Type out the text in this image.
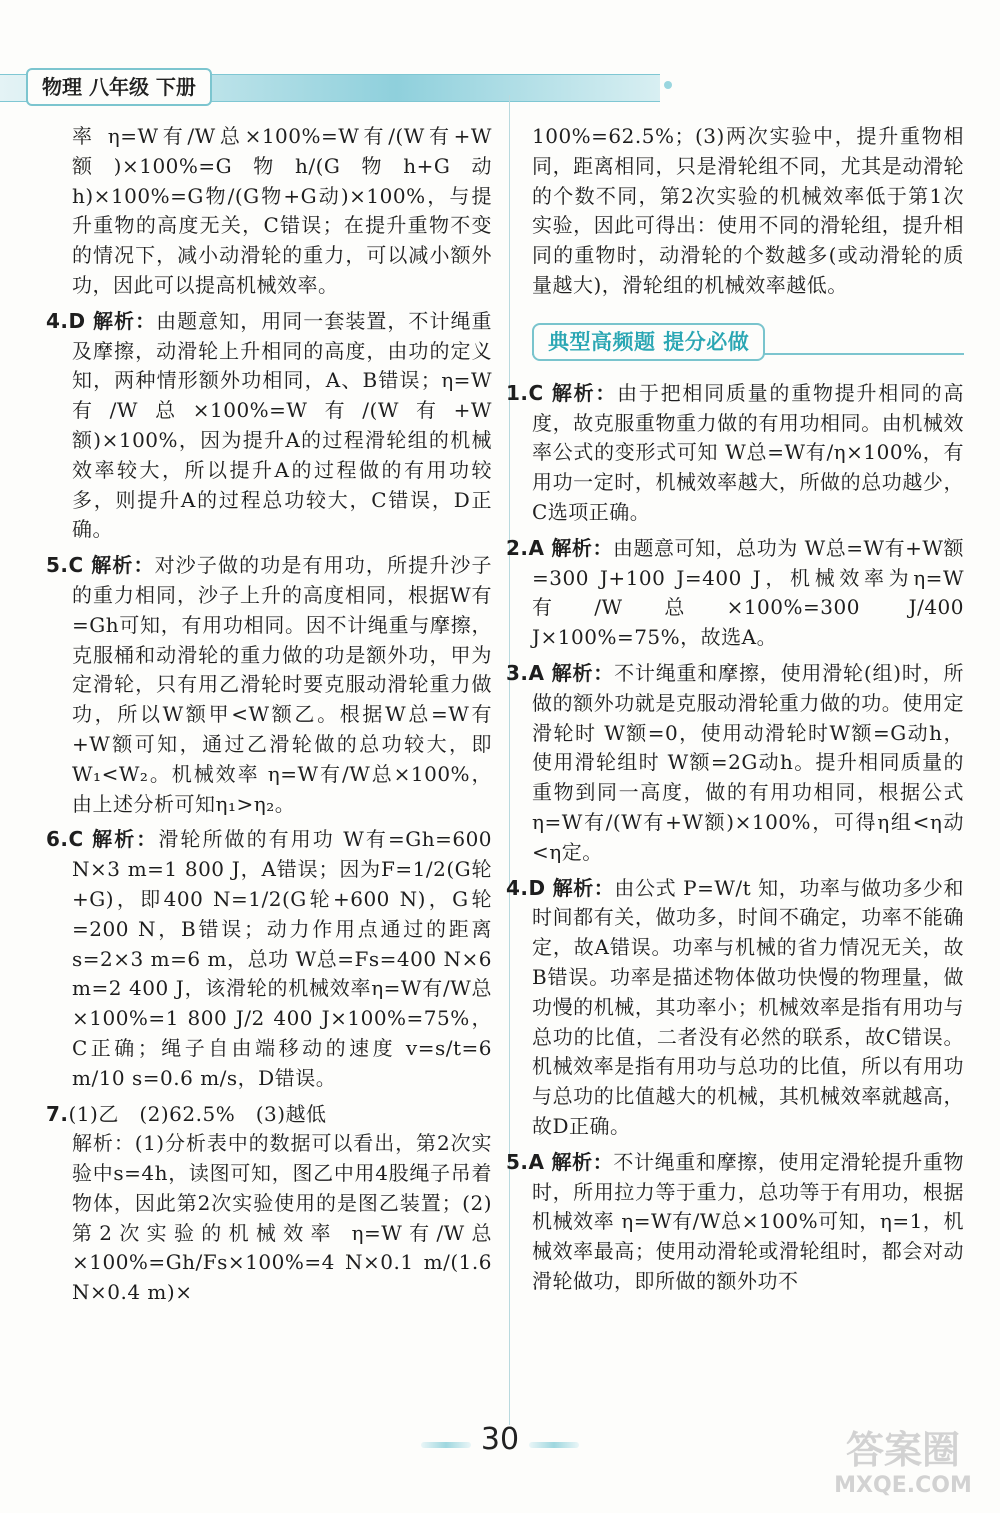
物理 八年级 下册

率 η=W有/W总×100%=W有/(W有+W额)×100%=G物h/(G物h+G动h)×100%=G物/(G物+G动)×100%，与提升重物的高度无关，C错误；在提升重物不变的情况下，减小动滑轮的重力，可以减小额外功，因此可以提高机械效率。

4.D 解析：由题意知，用同一套装置，不计绳重及摩擦，动滑轮上升相同的高度，由功的定义知，两种情形额外功相同，A、B错误；η=W有/W总×100%=W有/(W有+W额)×100%，因为提升A的过程滑轮组的机械效率较大，所以提升A的过程做的有用功较多，则提升A的过程总功较大，C错误，D正确。

5.C 解析：对沙子做的功是有用功，所提升沙子的重力相同，沙子上升的高度相同，根据W有=Gh可知，有用功相同。因不计绳重与摩擦，克服桶和动滑轮的重力做的功是额外功，甲为定滑轮，只有用乙滑轮时要克服动滑轮重力做功，所以W额甲<W额乙。根据W总=W有+W额可知，通过乙滑轮做的总功较大，即W₁<W₂。机械效率 η=W有/W总×100%，由上述分析可知η₁>η₂。

6.C 解析：滑轮所做的有用功 W有=Gh=600 N×3 m=1 800 J，A错误；因为F=1/2(G轮+G)，即400 N=1/2(G轮+600 N)，G轮=200 N，B错误；动力作用点通过的距离 s=2×3 m=6 m，总功 W总=Fs=400 N×6 m=2 400 J，该滑轮的机械效率η=W有/W总×100%=1 800 J/2 400 J×100%=75%，C正确；绳子自由端移动的速度 v=s/t=6 m/10 s=0.6 m/s，D错误。

7.(1)乙　(2)62.5%　(3)越低

解析：(1)分析表中的数据可以看出，第2次实验中s=4h，读图可知，图乙中用4股绳子吊着物体，因此第2次实验使用的是图乙装置；(2)第2次实验的机械效率 η=W有/W总×100%=Gh/Fs×100%=4 N×0.1 m/(1.6 N×0.4 m)×

100%=62.5%；(3)两次实验中，提升重物相同，距离相同，只是滑轮组不同，尤其是动滑轮的个数不同，第2次实验的机械效率低于第1次实验，因此可得出：使用不同的滑轮组，提升相同的重物时，动滑轮的个数越多(或动滑轮的质量越大)，滑轮组的机械效率越低。

典型高频题 提分必做

1.C 解析：由于把相同质量的重物提升相同的高度，故克服重物重力做的有用功相同。由机械效率公式的变形式可知 W总=W有/η×100%，有用功一定时，机械效率越大，所做的总功越少，C选项正确。

2.A 解析：由题意可知，总功为 W总=W有+W额=300 J+100 J=400 J，机械效率为η=W有/W总×100%=300 J/400 J×100%=75%，故选A。

3.A 解析：不计绳重和摩擦，使用滑轮(组)时，所做的额外功就是克服动滑轮重力做的功。使用定滑轮时 W额=0，使用动滑轮时W额=G动h，使用滑轮组时 W额=2G动h。提升相同质量的重物到同一高度，做的有用功相同，根据公式η=W有/(W有+W额)×100%，可得η组<η动<η定。

4.D 解析：由公式 P=W/t 知，功率与做功多少和时间都有关，做功多，时间不确定，功率不能确定，故A错误。功率与机械的省力情况无关，故B错误。功率是描述物体做功快慢的物理量，做功慢的机械，其功率小；机械效率是指有用功与总功的比值，二者没有必然的联系，故C错误。机械效率是指有用功与总功的比值，所以有用功与总功的比值越大的机械，其机械效率就越高，故D正确。

5.A 解析：不计绳重和摩擦，使用定滑轮提升重物时，所用拉力等于重力，总功等于有用功，根据机械效率 η=W有/W总×100%可知，η=1，机械效率最高；使用动滑轮或滑轮组时，都会对动滑轮做功，即所做的额外功不

30	答案圈
MXQE.COM
